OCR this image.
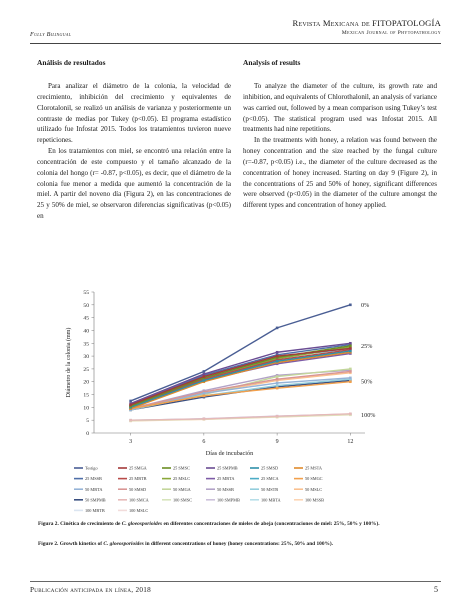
Fully Bilingual
Revista Mexicana de FITOPATOLOGÍA
Mexican Journal of Phytopathology
Análisis de resultados

Para analizar el diámetro de la colonia, la velocidad de crecimiento, inhibición del crecimiento y equivalentes de Clorotalonil, se realizó un análisis de varianza y posteriormente un contraste de medias por Tukey (p<0.05). El programa estadístico utilizado fue Infostat 2015. Todos los tratamientos tuvieron nueve repeticiones.

En los tratamientos con miel, se encontró una relación entre la concentración de este compuesto y el tamaño alcanzado de la colonia del hongo (r= -0.87, p<0.05), es decir, que el diámetro de la colonia fue menor a medida que aumentó la concentración de la miel. A partir del noveno día (Figura 2), en las concentraciones de 25 y 50% de miel, se observaron diferencias significativas (p<0.05) en

Analysis of results

To analyze the diameter of the culture, its growth rate and inhibition, and equivalents of Chlorothalonil, an analysis of variance was carried out, followed by a mean comparison using Tukey’s test (p<0.05). The statistical program used was Infostat 2015. All treatments had nine repetitions.

In the treatments with honey, a relation was found between the honey concentration and the size reached by the fungal culture (r=-0.87, p<0.05) i.e., the diameter of the culture decreased as the concentration of honey increased. Starting on day 9 (Figure 2), in the concentrations of 25 and 50% of honey, significant differences were observed (p<0.05) in the diameter of the culture amongst the different types and concentration of honey applied.

0
5
10
15
20
25
30
35
40
45
50
55
3	6	9	12
Días de incubación
Diámetro de la colonia (mm)
0%
25%
50%
100%
Testigo	25 SMGA	25 SMSC	25 SMPMB	25 SMSD	25 MSTA
25 MSSB	25 MBTB	25 MSLC	25 MBTA	25 SMCA	50 SMGC
50 MBTA	50 SMSD	50 SMGA	50 MSSB	50 MSTB	50 MSLC
50 SMPMB	100 SMCA	100 SMSC	100 SMPMB	100 MBTA	100 MSSB
100 MBTB	100 MSLC
Figura 2. Cinética de crecimiento de C. gloeosporioides en diferentes concentraciones de mieles de abeja (concentraciones de miel: 25%, 50% y 100%).
Figure 2. Growth kinetics of C. gloeosporioides in different concentrations of honey (honey concentrations: 25%, 50% and 100%).
Publicación anticipada en línea, 2018	5
